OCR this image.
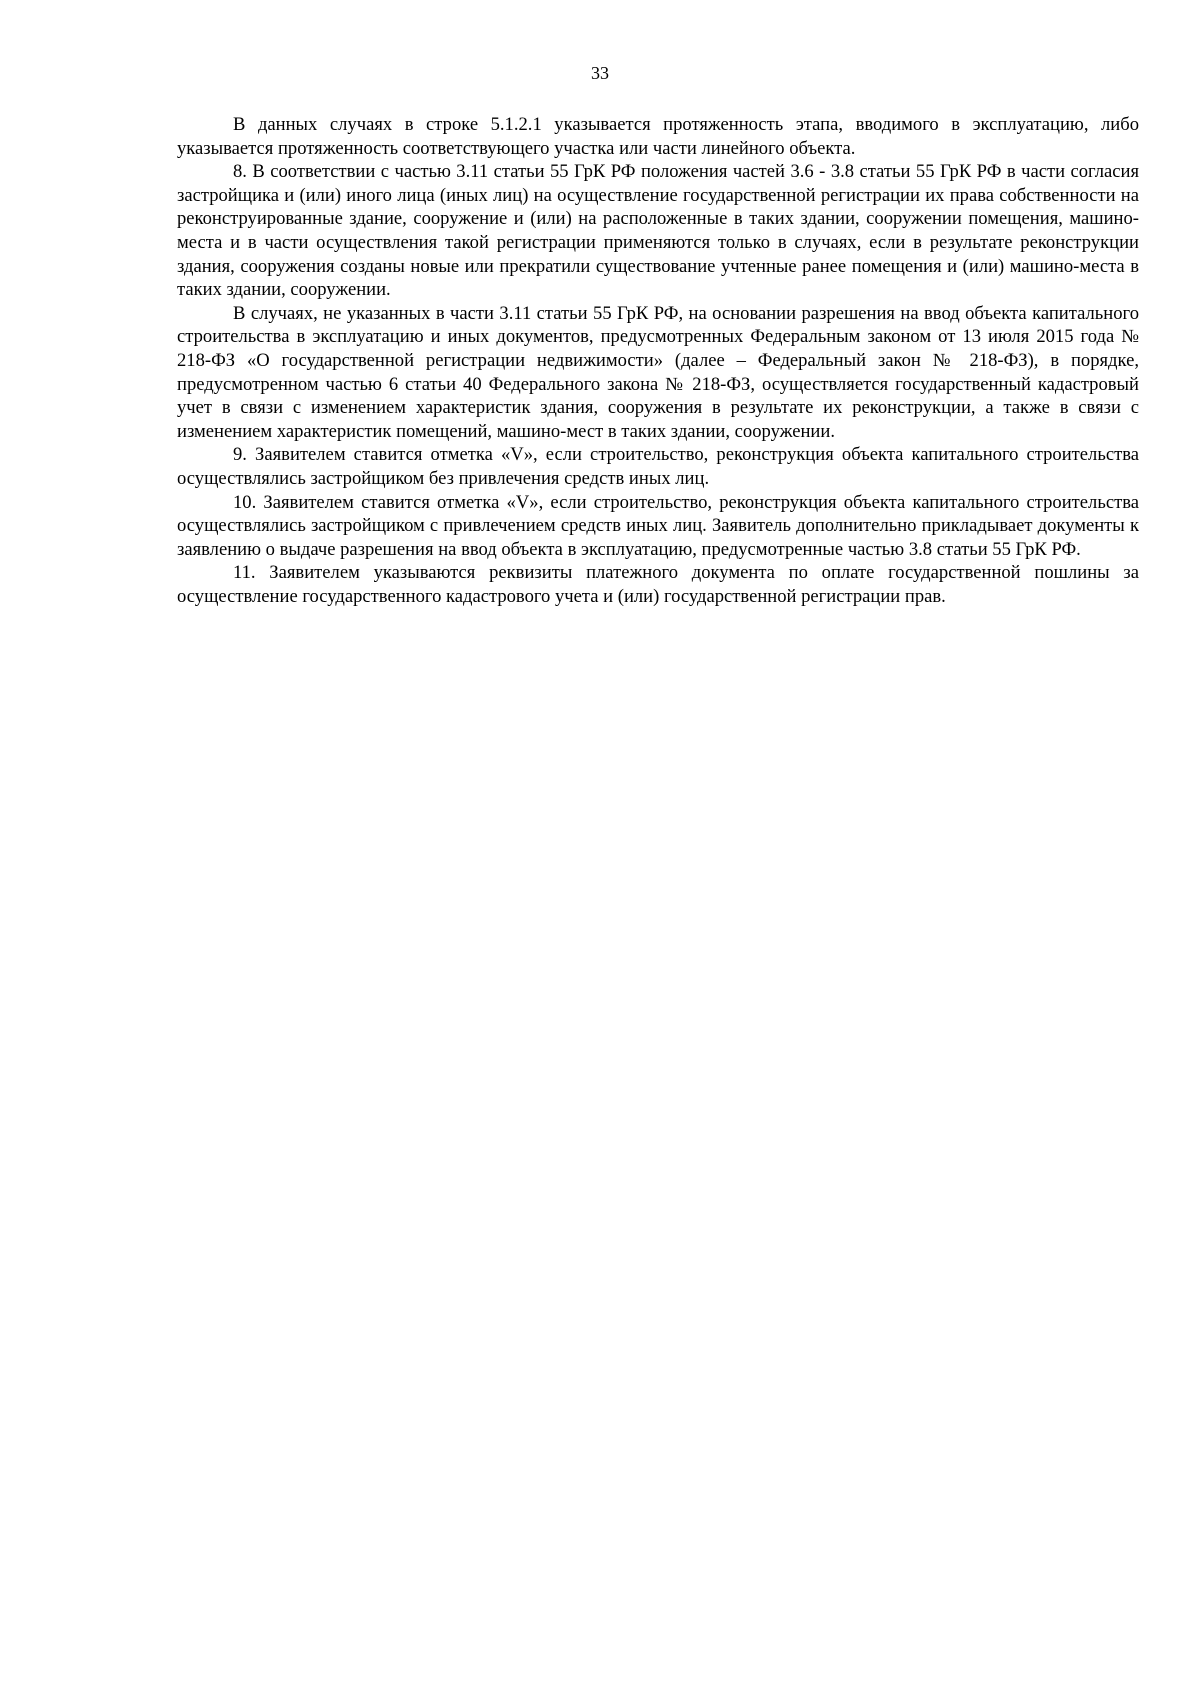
33

В данных случаях в строке 5.1.2.1 указывается протяженность этапа, вводимого в эксплуатацию, либо указывается протяженность соответствующего участка или части линейного объекта.

8. В соответствии с частью 3.11 статьи 55 ГрК РФ положения частей 3.6 - 3.8 статьи 55 ГрК РФ в части согласия застройщика и (или) иного лица (иных лиц) на осуществление государственной регистрации их права собственности на реконструированные здание, сооружение и (или) на расположенные в таких здании, сооружении помещения, машино-места и в части осуществления такой регистрации применяются только в случаях, если в результате реконструкции здания, сооружения созданы новые или прекратили существование учтенные ранее помещения и (или) машино-места в таких здании, сооружении.

В случаях, не указанных в части 3.11 статьи 55 ГрК РФ, на основании разрешения на ввод объекта капитального строительства в эксплуатацию и иных документов, предусмотренных Федеральным законом от 13 июля 2015 года № 218-ФЗ «О государственной регистрации недвижимости» (далее – Федеральный закон № 218-ФЗ), в порядке, предусмотренном частью 6 статьи 40 Федерального закона № 218-ФЗ, осуществляется государственный кадастровый учет в связи с изменением характеристик здания, сооружения в результате их реконструкции, а также в связи с изменением характеристик помещений, машино-мест в таких здании, сооружении.

9. Заявителем ставится отметка «V», если строительство, реконструкция объекта капитального строительства осуществлялись застройщиком без привлечения средств иных лиц.

10. Заявителем ставится отметка «V», если строительство, реконструкция объекта капитального строительства осуществлялись застройщиком с привлечением средств иных лиц. Заявитель дополнительно прикладывает документы к заявлению о выдаче разрешения на ввод объекта в эксплуатацию, предусмотренные частью 3.8 статьи 55 ГрК РФ.

11. Заявителем указываются реквизиты платежного документа по оплате государственной пошлины за осуществление государственного кадастрового учета и (или) государственной регистрации прав.
